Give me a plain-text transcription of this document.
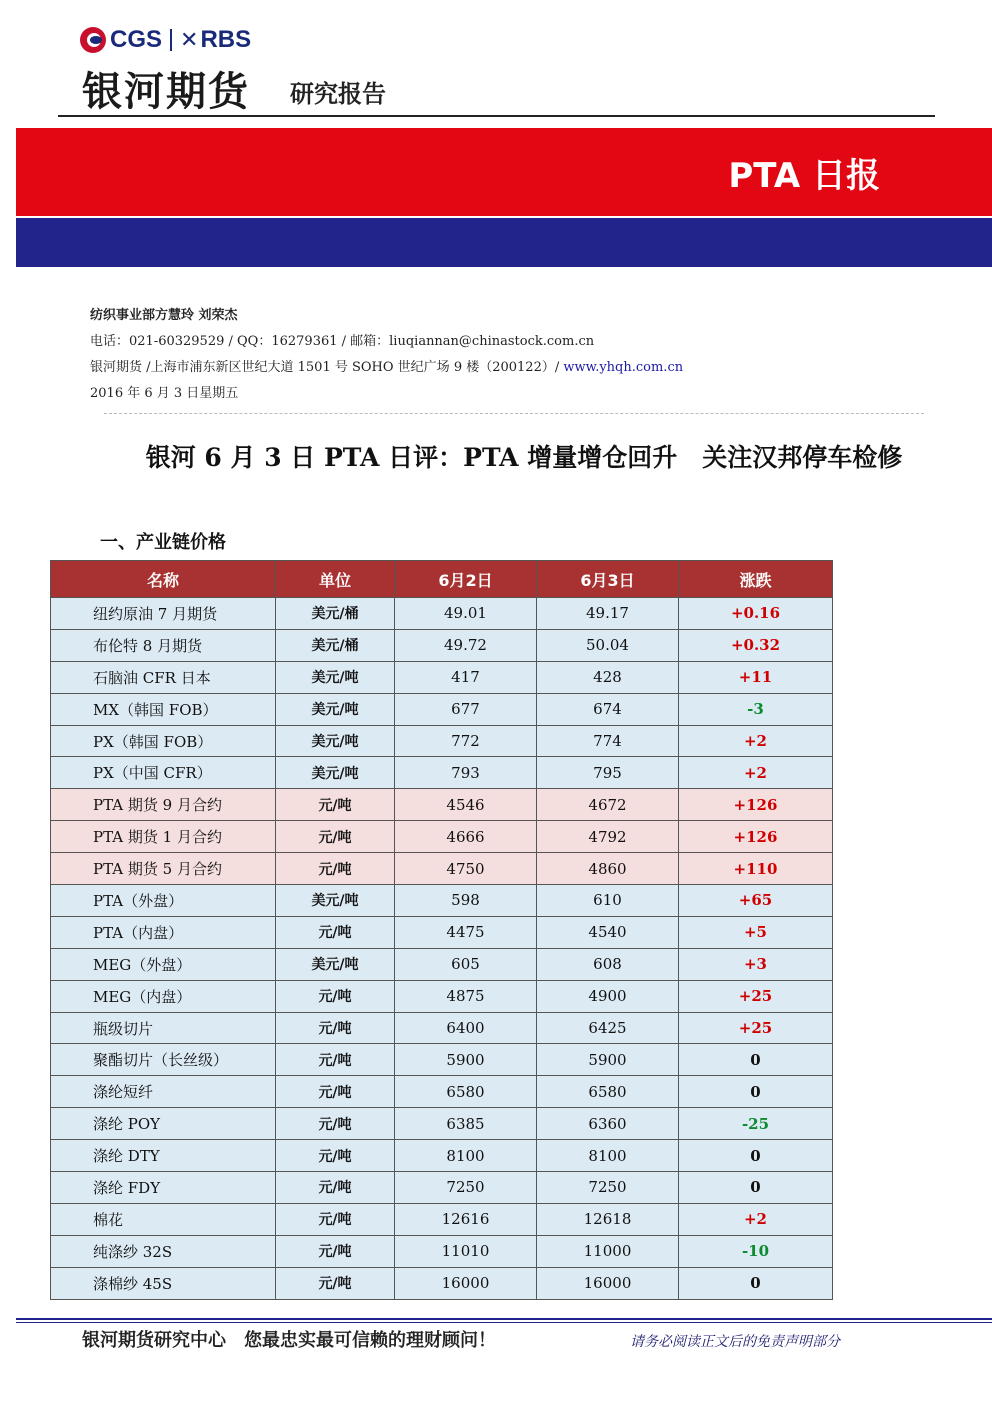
CGS ✕ RBS
银河期货 研究报告
PTA 日报
纺织事业部方慧玲 刘荣杰
电话：021-60329529 / QQ：16279361 / 邮箱：liuqiannan@chinastock.com.cn
银河期货 /上海市浦东新区世纪大道 1501 号 SOHO 世纪广场 9 楼（200122）/ www.yhqh.com.cn
2016 年 6 月 3 日星期五
银河 6 月 3 日 PTA 日评：PTA 增量增仓回升　关注汉邦停车检修
一、产业链价格
名称	单位	6月2日	6月3日	涨跌
纽约原油 7 月期货	美元/桶	49.01	49.17	+0.16
布伦特 8 月期货	美元/桶	49.72	50.04	+0.32
石脑油 CFR 日本	美元/吨	417	428	+11
MX（韩国 FOB）	美元/吨	677	674	-3
PX（韩国 FOB）	美元/吨	772	774	+2
PX（中国 CFR）	美元/吨	793	795	+2
PTA 期货 9 月合约	元/吨	4546	4672	+126
PTA 期货 1 月合约	元/吨	4666	4792	+126
PTA 期货 5 月合约	元/吨	4750	4860	+110
PTA（外盘）	美元/吨	598	610	+65
PTA（内盘）	元/吨	4475	4540	+5
MEG（外盘）	美元/吨	605	608	+3
MEG（内盘）	元/吨	4875	4900	+25
瓶级切片	元/吨	6400	6425	+25
聚酯切片（长丝级）	元/吨	5900	5900	0
涤纶短纤	元/吨	6580	6580	0
涤纶 POY	元/吨	6385	6360	-25
涤纶 DTY	元/吨	8100	8100	0
涤纶 FDY	元/吨	7250	7250	0
棉花	元/吨	12616	12618	+2
纯涤纱 32S	元/吨	11010	11000	-10
涤棉纱 45S	元/吨	16000	16000	0
银河期货研究中心　您最忠实最可信赖的理财顾问！	请务必阅读正文后的免责声明部分
